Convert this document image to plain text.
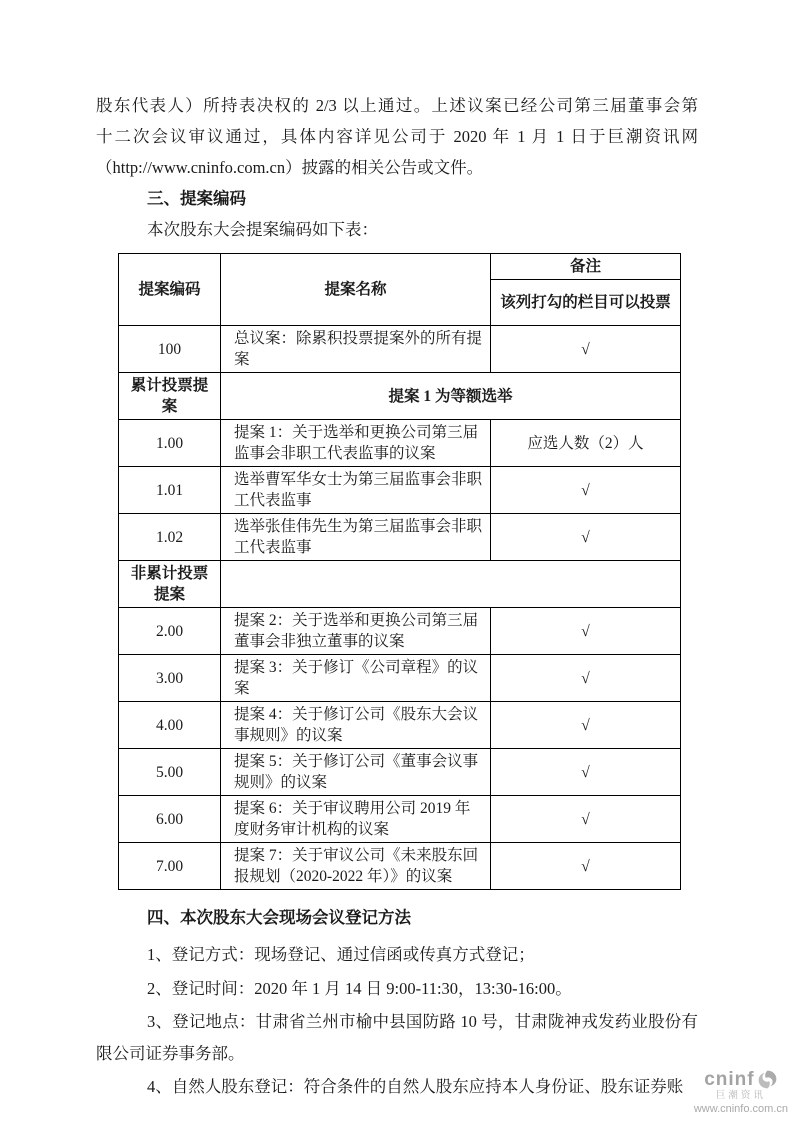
股东代表人）所持表决权的 2/3 以上通过。上述议案已经公司第三届董事会第
十二次会议审议通过，具体内容详见公司于 2020 年 1 月 1 日于巨潮资讯网
（http://www.cninfo.com.cn）披露的相关公告或文件。
三、提案编码
本次股东大会提案编码如下表：
提案编码	提案名称	备注
		该列打勾的栏目可以投票
100	总议案：除累积投票提案外的所有提案	√
累计投票提案	提案 1 为等额选举	
1.00	提案 1：关于选举和更换公司第三届监事会非职工代表监事的议案	应选人数（2）人
1.01	选举曹军华女士为第三届监事会非职工代表监事	√
1.02	选举张佳伟先生为第三届监事会非职工代表监事	√
非累计投票提案		
2.00	提案 2：关于选举和更换公司第三届董事会非独立董事的议案	√
3.00	提案 3：关于修订《公司章程》的议案	√
4.00	提案 4：关于修订公司《股东大会议事规则》的议案	√
5.00	提案 5：关于修订公司《董事会议事规则》的议案	√
6.00	提案 6：关于审议聘用公司 2019 年度财务审计机构的议案	√
7.00	提案 7：关于审议公司《未来股东回报规划（2020-2022 年）》的议案	√
四、本次股东大会现场会议登记方法

1、登记方式：现场登记、通过信函或传真方式登记；

2、登记时间：2020 年 1 月 14 日 9:00-11:30，13:30-16:00。

3、登记地点：甘肃省兰州市榆中县国防路 10 号，甘肃陇神戎发药业股份有限公司证券事务部。

4、自然人股东登记：符合条件的自然人股东应持本人身份证、股东证券账	cninf
巨潮资讯
www.cninfo.com.cn
